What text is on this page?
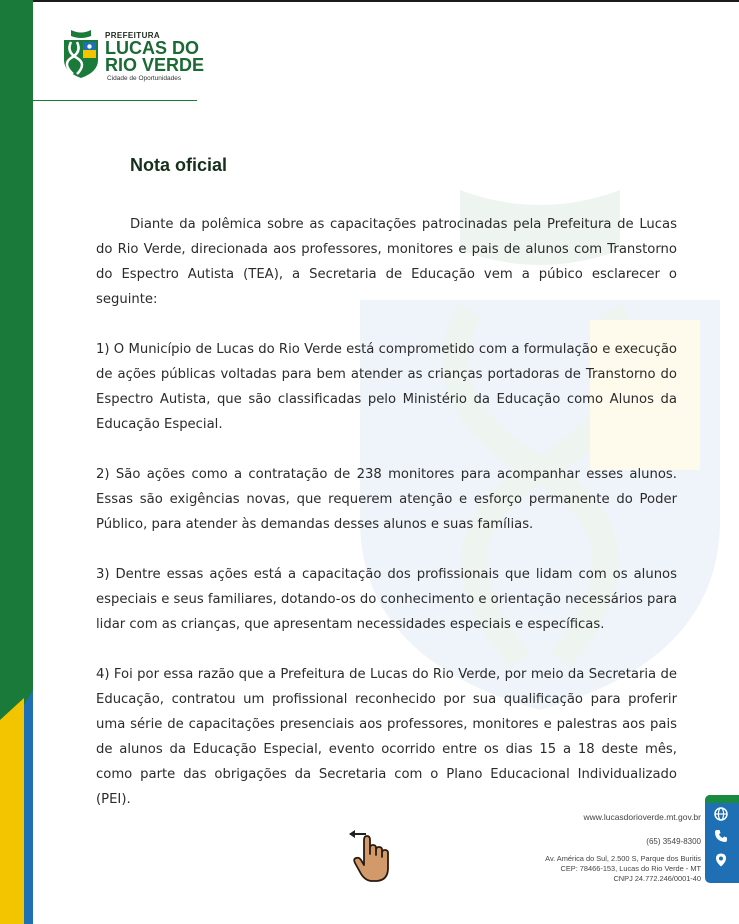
PREFEITURA
LUCAS DO
RIO VERDE
Cidade de Oportunidades
Nota oficial

Diante da polêmica sobre as capacitações patrocinadas pela Prefeitura de Lucas do Rio Verde, direcionada aos professores, monitores e pais de alunos com Transtorno do Espectro Autista (TEA), a Secretaria de Educação vem a púbico esclarecer o seguinte:

1) O Município de Lucas do Rio Verde está comprometido com a formulação e execução de ações públicas voltadas para bem atender as crianças portadoras de Transtorno do Espectro Autista, que são classificadas pelo Ministério da Educação como Alunos da Educação Especial.

2) São ações como a contratação de 238 monitores para acompanhar esses alunos. Essas são exigências novas, que requerem atenção e esforço permanente do Poder Público, para atender às demandas desses alunos e suas famílias.

3) Dentre essas ações está a capacitação dos profissionais que lidam com os alunos especiais e seus familiares, dotando-os do conhecimento e orientação necessários para lidar com as crianças, que apresentam necessidades especiais e específicas.

4) Foi por essa razão que a Prefeitura de Lucas do Rio Verde, por meio da Secretaria de Educação, contratou um profissional reconhecido por sua qualificação para proferir uma série de capacitações presenciais aos professores, monitores e palestras aos pais de alunos da Educação Especial, evento ocorrido entre os dias 15 a 18 deste mês, como parte das obrigações da Secretaria com o Plano Educacional Individualizado (PEI).

www.lucasdorioverde.mt.gov.br
(65) 3549-8300
Av. América do Sul, 2.500 S, Parque dos Buritis
CEP: 78466-153, Lucas do Rio Verde - MT
CNPJ 24.772.246/0001-40
